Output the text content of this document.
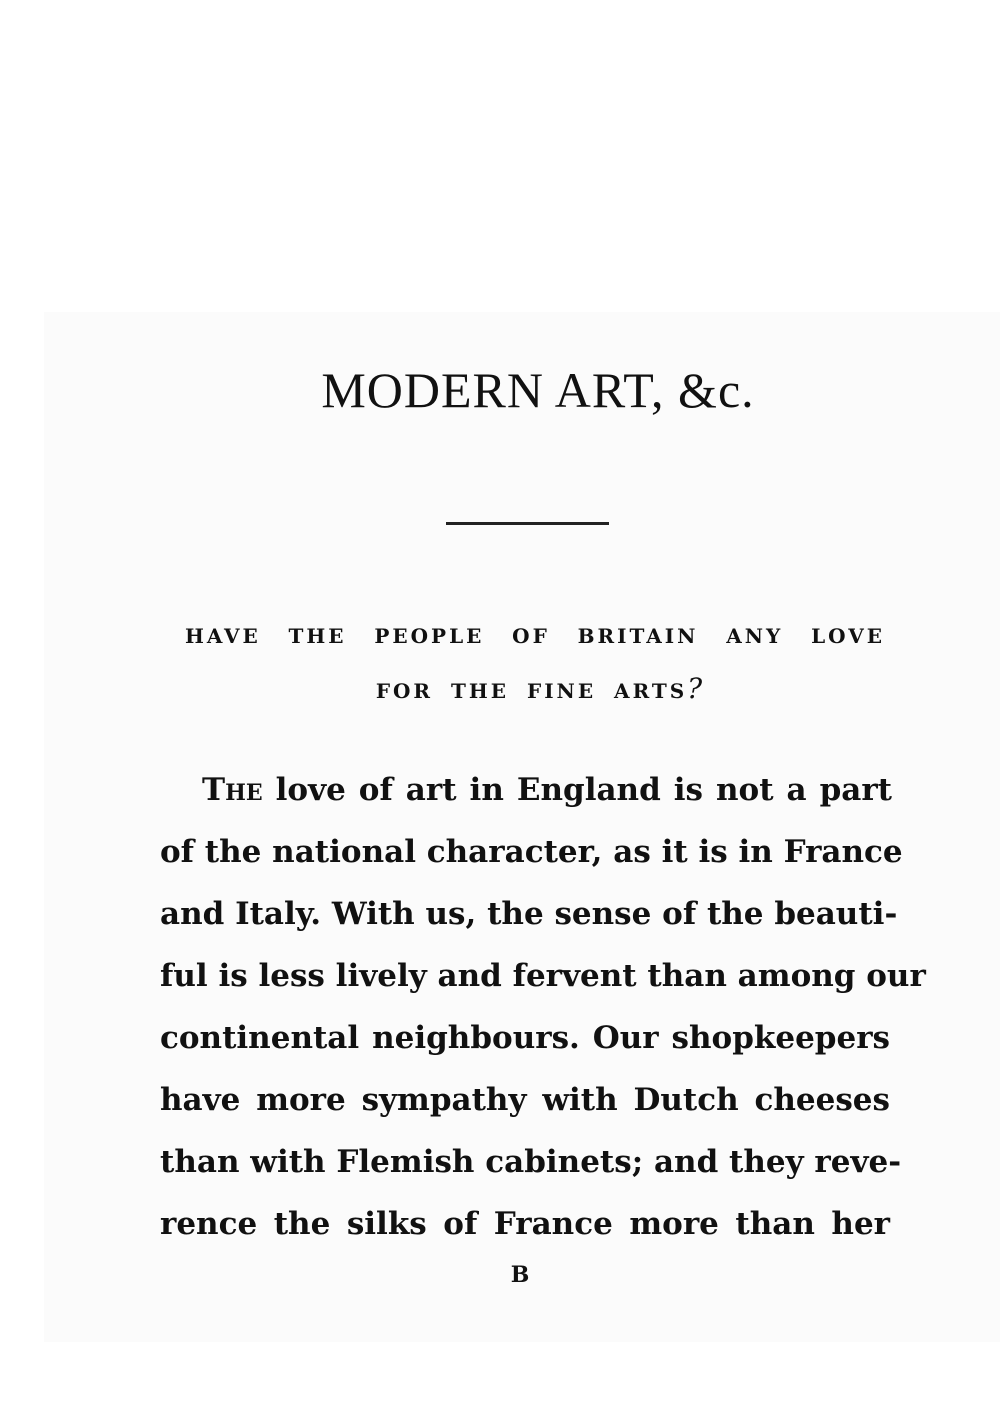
MODERN ART, &c.
HAVE THE PEOPLE OF BRITAIN ANY LOVE
FOR THE FINE ARTS?
The love of art in England is not a part
of the national character, as it is in France
and Italy. With us, the sense of the beauti-
ful is less lively and fervent than among our
continental neighbours. Our shopkeepers
have more sympathy with Dutch cheeses
than with Flemish cabinets; and they reve-
rence the silks of France more than her
B
